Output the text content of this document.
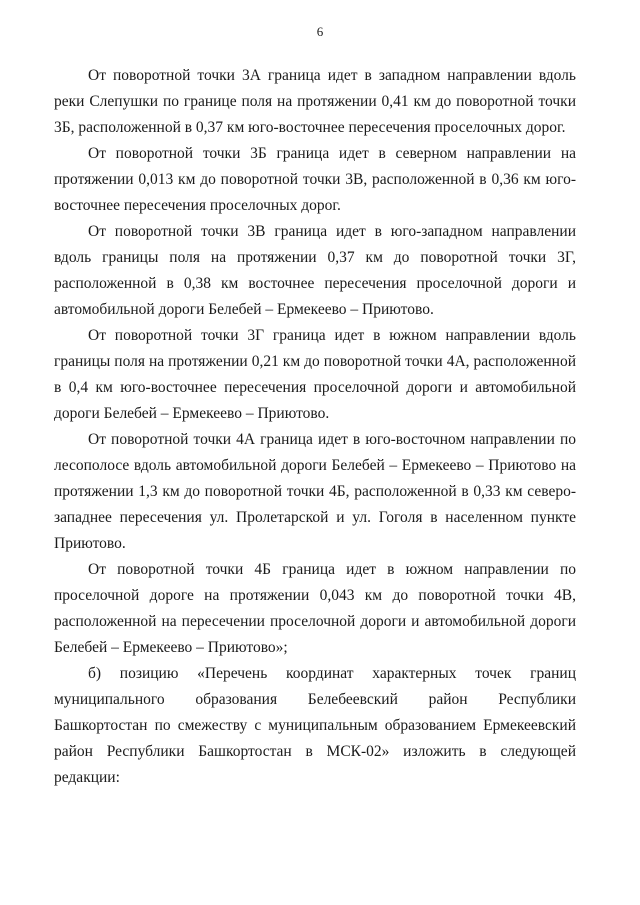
6

От поворотной точки 3А граница идет в западном направлении вдоль реки Слепушки по границе поля на протяжении 0,41 км до поворотной точки 3Б, расположенной в 0,37 км юго-восточнее пересечения проселочных дорог.

От поворотной точки 3Б граница идет в северном направлении на протяжении 0,013 км до поворотной точки 3В, расположенной в 0,36 км юго-восточнее пересечения проселочных дорог.

От поворотной точки 3В граница идет в юго-западном направлении вдоль границы поля на протяжении 0,37 км до поворотной точки 3Г, расположенной в 0,38 км восточнее пересечения проселочной дороги и автомобильной дороги Белебей – Ермекеево – Приютово.

От поворотной точки 3Г граница идет в южном направлении вдоль границы поля на протяжении 0,21 км до поворотной точки 4А, расположенной в 0,4 км юго-восточнее пересечения проселочной дороги и автомобильной дороги Белебей – Ермекеево – Приютово.

От поворотной точки 4А граница идет в юго-восточном направлении по лесополосе вдоль автомобильной дороги Белебей – Ермекеево – Приютово на протяжении 1,3 км до поворотной точки 4Б, расположенной в 0,33 км северо-западнее пересечения ул. Пролетарской и ул. Гоголя в населенном пункте Приютово.

От поворотной точки 4Б граница идет в южном направлении по проселочной дороге на протяжении 0,043 км до поворотной точки 4В, расположенной на пересечении проселочной дороги и автомобильной дороги Белебей – Ермекеево – Приютово»;

б) позицию «Перечень координат характерных точек границ муниципального образования Белебеевский район Республики Башкортостан по смежеству с муниципальным образованием Ермекеевский район Республики Башкортостан в МСК-02» изложить в следующей редакции:
